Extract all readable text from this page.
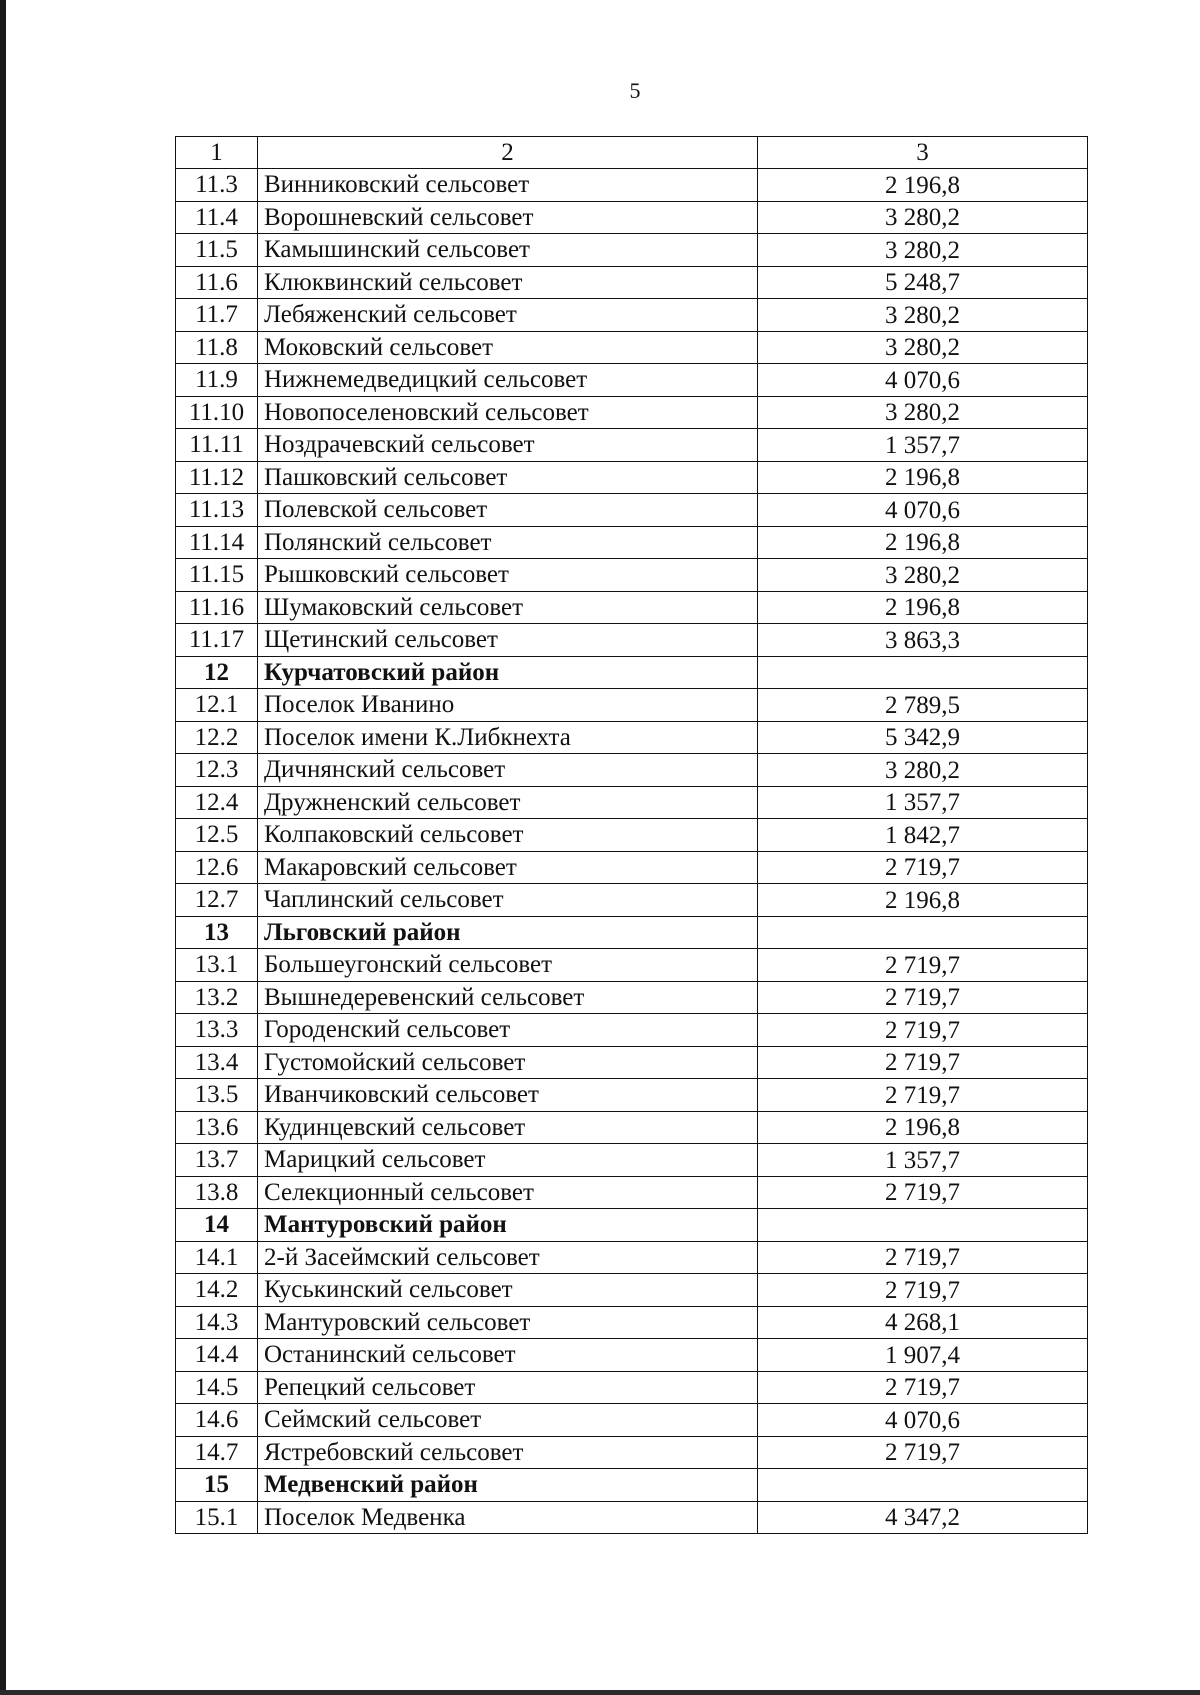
5
1	2	3
11.3	Винниковский сельсовет	2 196,8
11.4	Ворошневский сельсовет	3 280,2
11.5	Камышинский сельсовет	3 280,2
11.6	Клюквинский сельсовет	5 248,7
11.7	Лебяженский сельсовет	3 280,2
11.8	Моковский сельсовет	3 280,2
11.9	Нижнемедведицкий сельсовет	4 070,6
11.10	Новопоселеновский сельсовет	3 280,2
11.11	Ноздрачевский сельсовет	1 357,7
11.12	Пашковский сельсовет	2 196,8
11.13	Полевской сельсовет	4 070,6
11.14	Полянский сельсовет	2 196,8
11.15	Рышковский сельсовет	3 280,2
11.16	Шумаковский сельсовет	2 196,8
11.17	Щетинский сельсовет	3 863,3
12	Курчатовский район	
12.1	Поселок Иванино	2 789,5
12.2	Поселок имени К.Либкнехта	5 342,9
12.3	Дичнянский сельсовет	3 280,2
12.4	Дружненский сельсовет	1 357,7
12.5	Колпаковский сельсовет	1 842,7
12.6	Макаровский сельсовет	2 719,7
12.7	Чаплинский сельсовет	2 196,8
13	Льговский район	
13.1	Большеугонский сельсовет	2 719,7
13.2	Вышнедеревенский сельсовет	2 719,7
13.3	Городенский сельсовет	2 719,7
13.4	Густомойский сельсовет	2 719,7
13.5	Иванчиковский сельсовет	2 719,7
13.6	Кудинцевский сельсовет	2 196,8
13.7	Марицкий сельсовет	1 357,7
13.8	Селекционный сельсовет	2 719,7
14	Мантуровский район	
14.1	2-й Засеймский сельсовет	2 719,7
14.2	Куськинский сельсовет	2 719,7
14.3	Мантуровский сельсовет	4 268,1
14.4	Останинский сельсовет	1 907,4
14.5	Репецкий сельсовет	2 719,7
14.6	Сеймский сельсовет	4 070,6
14.7	Ястребовский сельсовет	2 719,7
15	Медвенский район	
15.1	Поселок Медвенка	4 347,2
